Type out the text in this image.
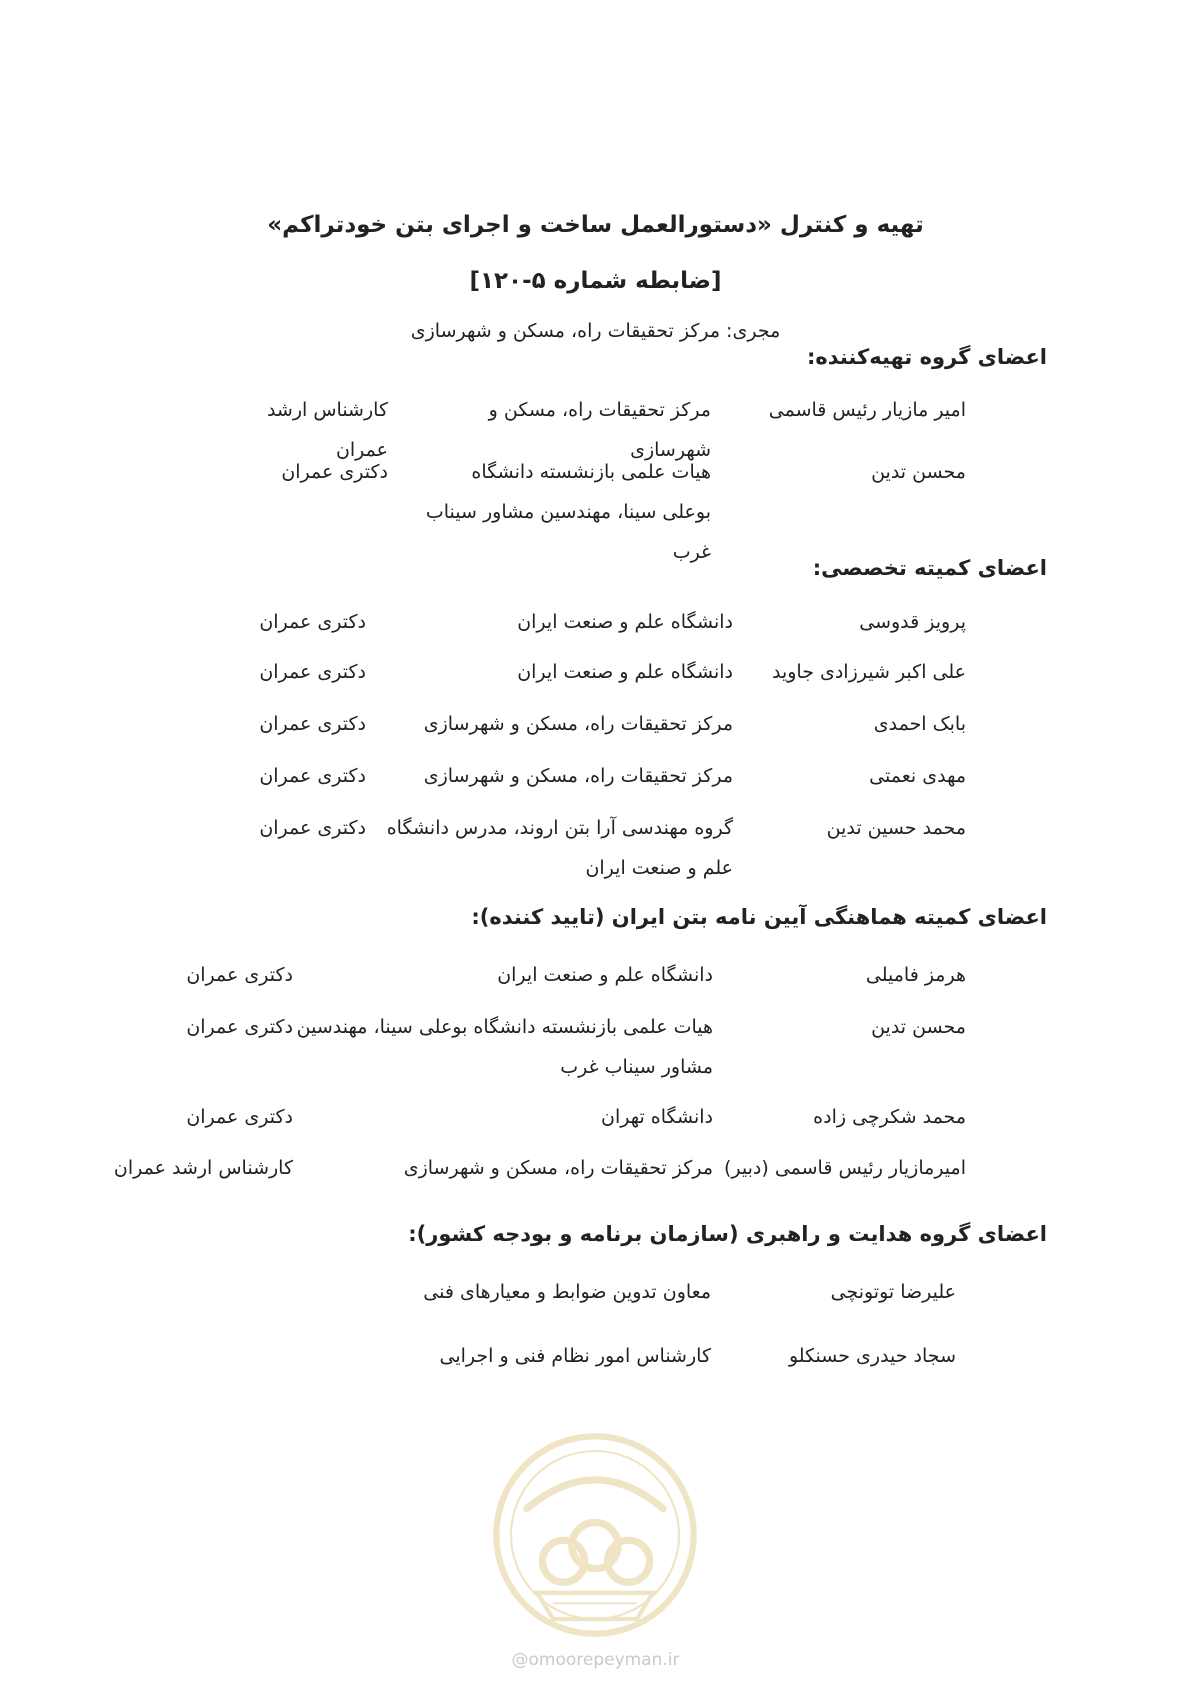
تهیه و کنترل «دستورالعمل ساخت و اجرای بتن خودتراکم»
[ضابطه شماره ۵-۱۲۰]
مجری: مرکز تحقیقات راه، مسکن و شهرسازی
اعضای گروه تهیه‌کننده:
امیر مازیار رئیس قاسمی
مرکز تحقیقات راه، مسکن و شهرسازی
کارشناس ارشد عمران
محسن تدین
هیات علمی بازنشسته دانشگاه بوعلی سینا، مهندسین مشاور سیناب غرب
دکتری عمران
اعضای کمیته تخصصی:
پرویز قدوسی
دانشگاه علم و صنعت ایران
دکتری عمران
علی اکبر شیرزادی جاوید
دانشگاه علم و صنعت ایران
دکتری عمران
بابک احمدی
مرکز تحقیقات راه، مسکن و شهرسازی
دکتری عمران
مهدی نعمتی
مرکز تحقیقات راه، مسکن و شهرسازی
دکتری عمران
محمد حسین تدین
گروه مهندسی آرا بتن اروند، مدرس دانشگاه علم و صنعت ایران
دکتری عمران
اعضای کمیته هماهنگی آیین نامه بتن ایران (تایید کننده):
هرمز فامیلی
دانشگاه علم و صنعت ایران
دکتری عمران
محسن تدین
هیات علمی بازنشسته دانشگاه بوعلی سینا، مهندسین مشاور سیناب غرب
دکتری عمران
محمد شکرچی زاده
دانشگاه تهران
دکتری عمران
امیرمازیار رئیس قاسمی (دبیر)
مرکز تحقیقات راه، مسکن و شهرسازی
کارشناس ارشد عمران
اعضای گروه هدایت و راهبری (سازمان برنامه و بودجه کشور):
علیرضا توتونچی
معاون تدوین ضوابط و معیارهای فنی
سجاد حیدری حسنکلو
کارشناس امور نظام فنی و اجرایی
@omoorepeyman.ir
